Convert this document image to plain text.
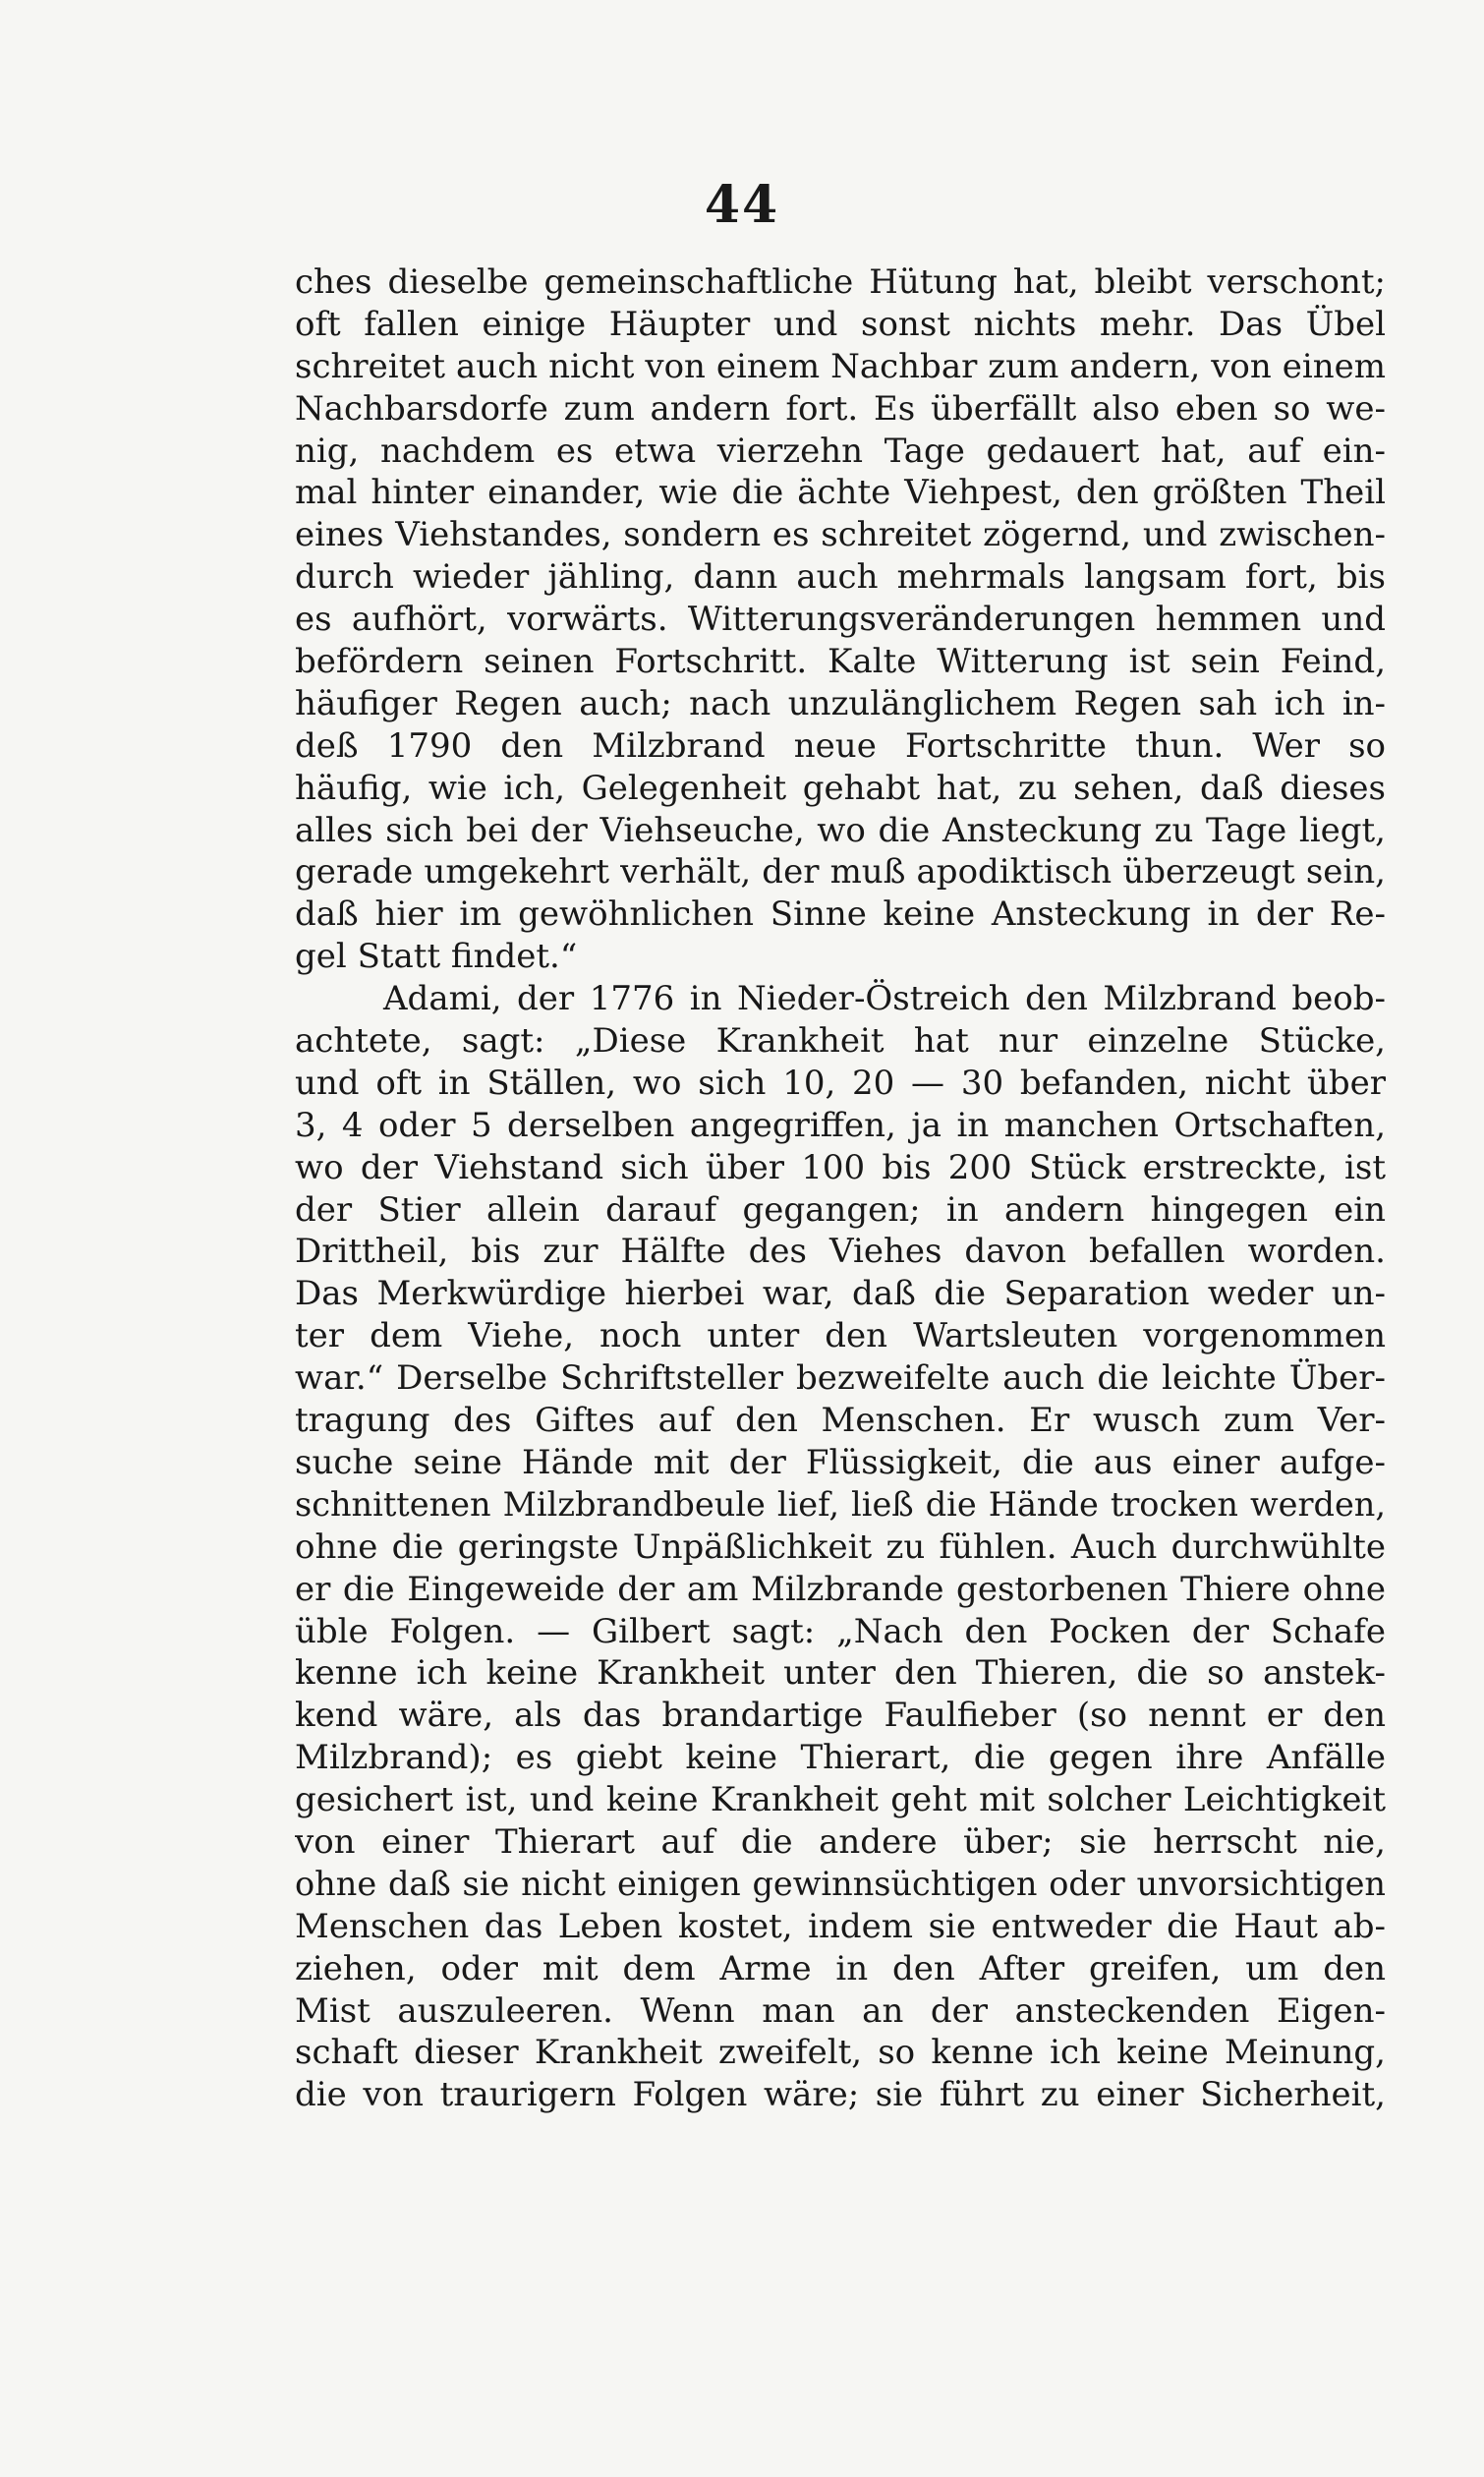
44
ches dieselbe gemeinschaftliche Hütung hat, bleibt verschont;
oft fallen einige Häupter und sonst nichts mehr. Das Übel
schreitet auch nicht von einem Nachbar zum andern, von einem
Nachbarsdorfe zum andern fort. Es überfällt also eben so we-
nig, nachdem es etwa vierzehn Tage gedauert hat, auf ein-
mal hinter einander, wie die ächte Viehpest, den größten Theil
eines Viehstandes, sondern es schreitet zögernd, und zwischen-
durch wieder jähling, dann auch mehrmals langsam fort, bis
es aufhört, vorwärts. Witterungsveränderungen hemmen und
befördern seinen Fortschritt. Kalte Witterung ist sein Feind,
häufiger Regen auch; nach unzulänglichem Regen sah ich in-
deß 1790 den Milzbrand neue Fortschritte thun. Wer so
häufig, wie ich, Gelegenheit gehabt hat, zu sehen, daß dieses
alles sich bei der Viehseuche, wo die Ansteckung zu Tage liegt,
gerade umgekehrt verhält, der muß apodiktisch überzeugt sein,
daß hier im gewöhnlichen Sinne keine Ansteckung in der Re-
gel Statt findet.“
Adami, der 1776 in Nieder-Östreich den Milzbrand beob-
achtete, sagt: „Diese Krankheit hat nur einzelne Stücke,
und oft in Ställen, wo sich 10, 20 — 30 befanden, nicht über
3, 4 oder 5 derselben angegriffen, ja in manchen Ortschaften,
wo der Viehstand sich über 100 bis 200 Stück erstreckte, ist
der Stier allein darauf gegangen; in andern hingegen ein
Drittheil, bis zur Hälfte des Viehes davon befallen worden.
Das Merkwürdige hierbei war, daß die Separation weder un-
ter dem Viehe, noch unter den Wartsleuten vorgenommen
war.“ Derselbe Schriftsteller bezweifelte auch die leichte Über-
tragung des Giftes auf den Menschen. Er wusch zum Ver-
suche seine Hände mit der Flüssigkeit, die aus einer aufge-
schnittenen Milzbrandbeule lief, ließ die Hände trocken werden,
ohne die geringste Unpäßlichkeit zu fühlen. Auch durchwühlte
er die Eingeweide der am Milzbrande gestorbenen Thiere ohne
üble Folgen. — Gilbert sagt: „Nach den Pocken der Schafe
kenne ich keine Krankheit unter den Thieren, die so anstek-
kend wäre, als das brandartige Faulfieber (so nennt er den
Milzbrand); es giebt keine Thierart, die gegen ihre Anfälle
gesichert ist, und keine Krankheit geht mit solcher Leichtigkeit
von einer Thierart auf die andere über; sie herrscht nie,
ohne daß sie nicht einigen gewinnsüchtigen oder unvorsichtigen
Menschen das Leben kostet, indem sie entweder die Haut ab-
ziehen, oder mit dem Arme in den After greifen, um den
Mist auszuleeren. Wenn man an der ansteckenden Eigen-
schaft dieser Krankheit zweifelt, so kenne ich keine Meinung,
die von traurigern Folgen wäre; sie führt zu einer Sicherheit,
